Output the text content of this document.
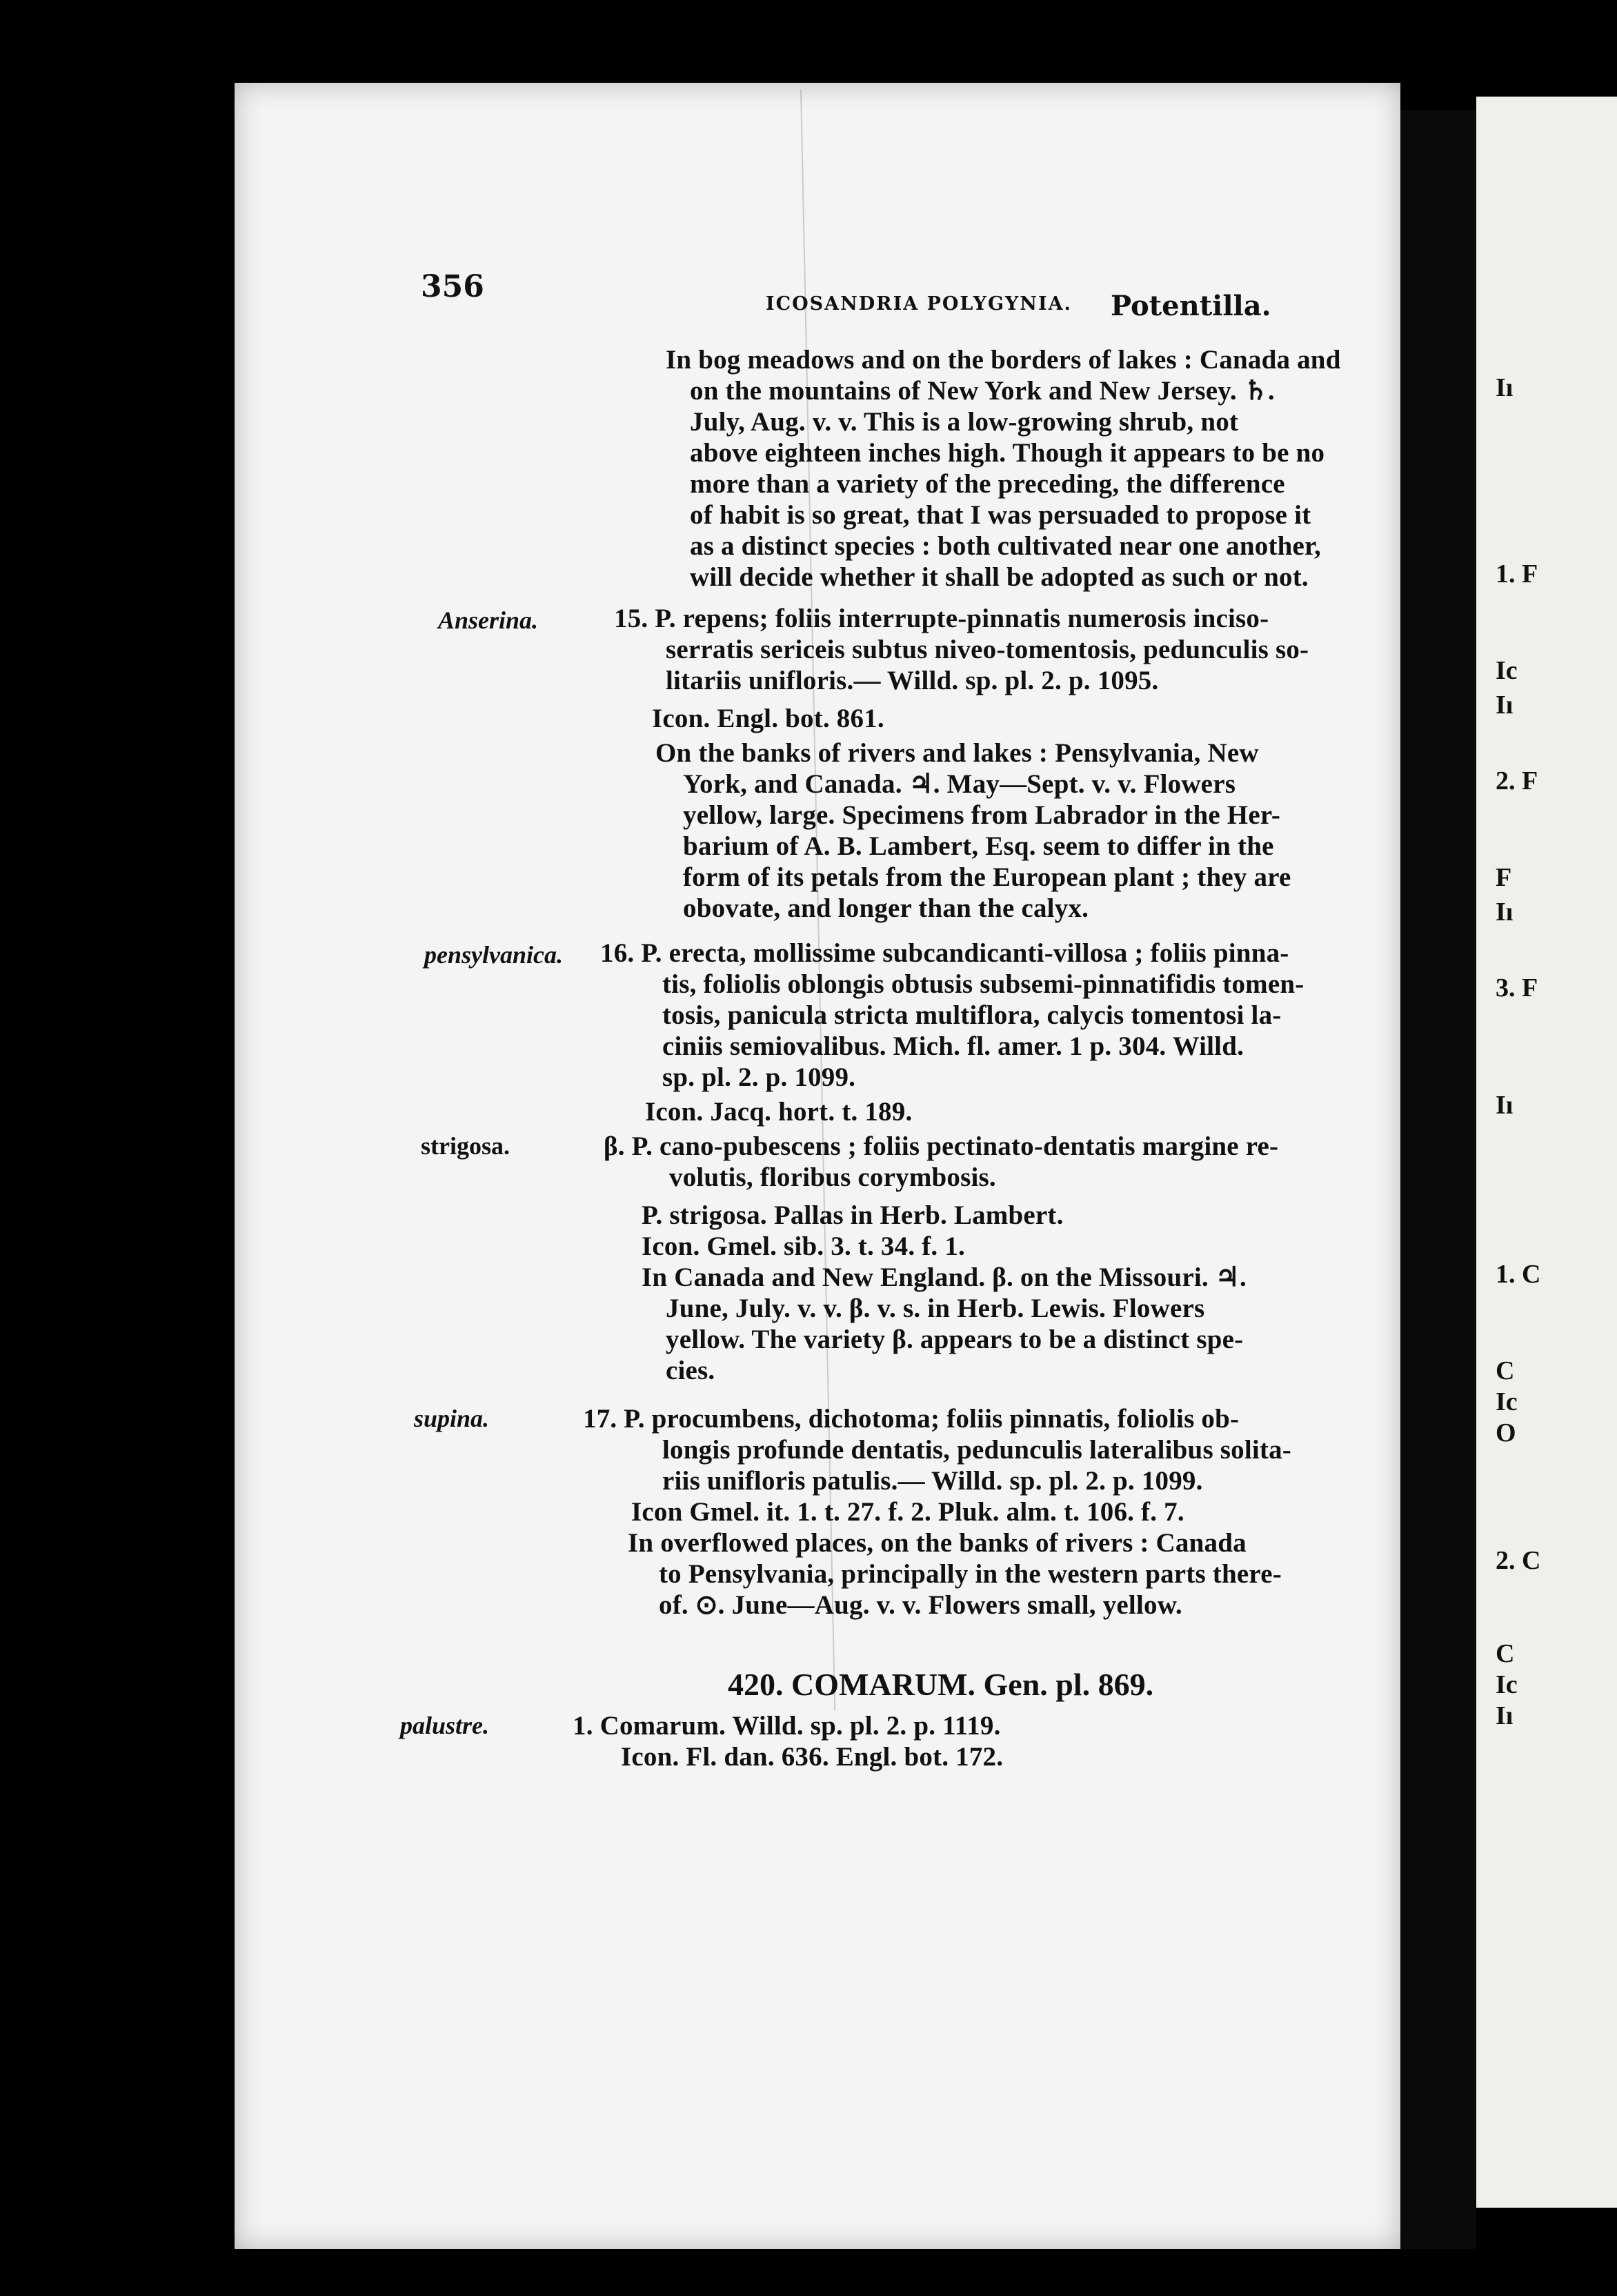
Iı
1. F
Ic
Iı
2. F
F
Iı
3. F
Iı
1. C
C
Ic
O
2. C
C
Ic
Iı
356	ICOSANDRIA POLYGYNIA. Potentilla.
In bog meadows and on the borders of lakes : Canada and
on the mountains of New York and New Jersey. ♄.
July, Aug. v. v. This is a low-growing shrub, not
above eighteen inches high. Though it appears to be no
more than a variety of the preceding, the difference
of habit is so great, that I was persuaded to propose it
as a distinct species : both cultivated near one another,
will decide whether it shall be adopted as such or not.
Anserina.	15. P. repens; foliis interrupte-pinnatis numerosis inciso-
serratis sericeis subtus niveo-tomentosis, pedunculis so-
litariis unifloris.— Willd. sp. pl. 2. p. 1095.
Icon. Engl. bot. 861.
On the banks of rivers and lakes : Pensylvania, New
York, and Canada. ♃. May—Sept. v. v. Flowers
yellow, large. Specimens from Labrador in the Her-
barium of A. B. Lambert, Esq. seem to differ in the
form of its petals from the European plant ; they are
obovate, and longer than the calyx.
pensylvanica. 16. P. erecta, mollissime subcandicanti-villosa ; foliis pinna-
tis, foliolis oblongis obtusis subsemi-pinnatifidis tomen-
tosis, panicula stricta multiflora, calycis tomentosi la-
ciniis semiovalibus. Mich. fl. amer. 1 p. 304. Willd.
sp. pl. 2. p. 1099.
Icon. Jacq. hort. t. 189.
strigosa.	β. P. cano-pubescens ; foliis pectinato-dentatis margine re-
volutis, floribus corymbosis.
P. strigosa. Pallas in Herb. Lambert.
Icon. Gmel. sib. 3. t. 34. f. 1.
In Canada and New England. β. on the Missouri. ♃.
June, July. v. v. β. v. s. in Herb. Lewis. Flowers
yellow. The variety β. appears to be a distinct spe-
cies.
supina.	17. P. procumbens, dichotoma; foliis pinnatis, foliolis ob-
longis profunde dentatis, pedunculis lateralibus solita-
riis unifloris patulis.— Willd. sp. pl. 2. p. 1099.
Icon Gmel. it. 1. t. 27. f. 2. Pluk. alm. t. 106. f. 7.
In overflowed places, on the banks of rivers : Canada
to Pensylvania, principally in the western parts there-
of. ⊙. June—Aug. v. v. Flowers small, yellow.
420. COMARUM. Gen. pl. 869.
palustre.	1. Comarum. Willd. sp. pl. 2. p. 1119.
Icon. Fl. dan. 636. Engl. bot. 172.
